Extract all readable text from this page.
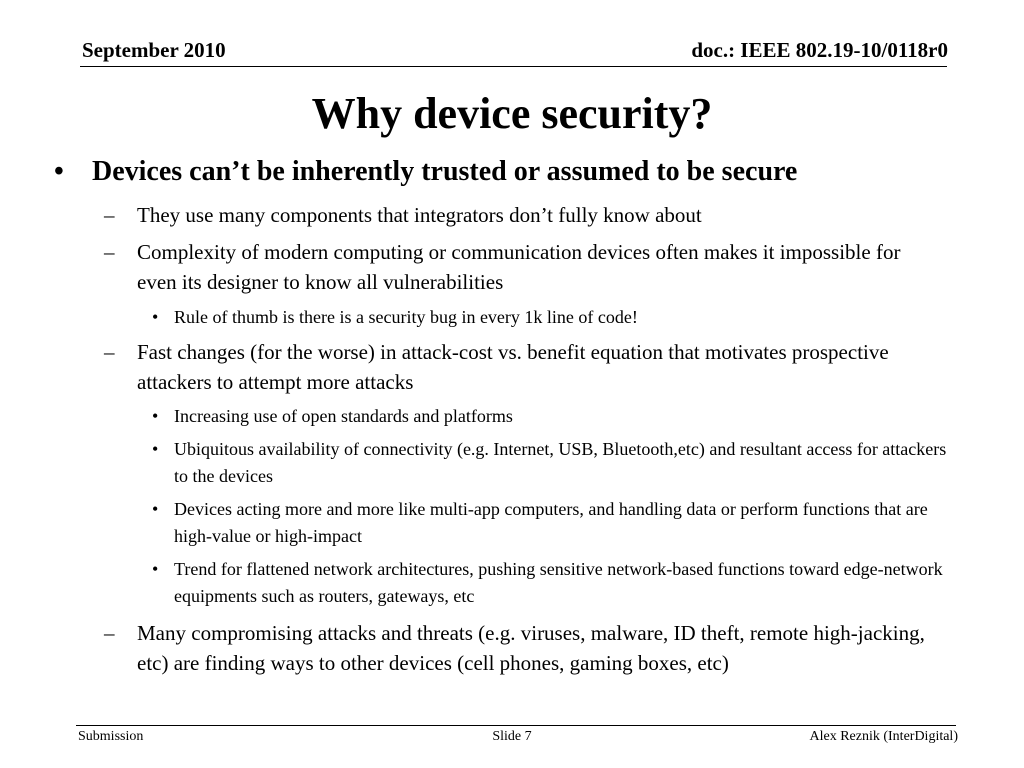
September 2010	doc.: IEEE 802.19-10/0118r0
Why device security?
• Devices can’t be inherently trusted or assumed to be secure
– They use many components that integrators don’t fully know about
– Complexity of modern computing or communication devices often makes it impossible for even its designer to know all vulnerabilities
• Rule of thumb is there is a security bug in every 1k line of code!
– Fast changes (for the worse) in attack-cost vs. benefit equation that motivates prospective attackers to attempt more attacks
• Increasing use of open standards and platforms
• Ubiquitous availability of connectivity (e.g. Internet, USB, Bluetooth,etc) and resultant access for attackers to the devices
• Devices acting more and more like multi-app computers, and handling data or perform functions that are high-value or high-impact
• Trend for flattened network architectures, pushing sensitive network-based functions toward edge-network equipments such as routers, gateways, etc
– Many compromising attacks and threats (e.g. viruses, malware, ID theft, remote high-jacking, etc) are finding ways to other devices (cell phones, gaming boxes, etc)
Submission	Slide 7	Alex Reznik (InterDigital)
